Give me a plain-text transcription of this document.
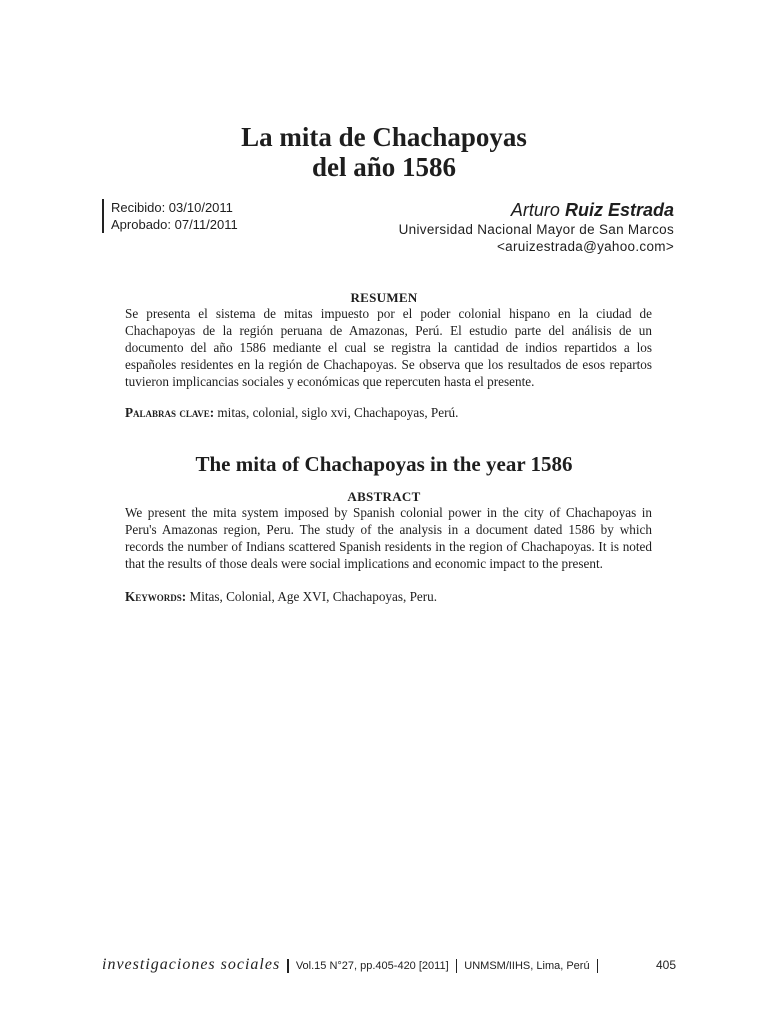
La mita de Chachapoyas
del año 1586
Recibido: 03/10/2011
Aprobado: 07/11/2011
Arturo Ruiz Estrada
Universidad Nacional Mayor de San Marcos
<aruizestrada@yahoo.com>
RESUMEN
Se presenta el sistema de mitas impuesto por el poder colonial hispano en la ciudad de Chachapoyas de la región peruana de Amazonas, Perú. El estudio parte del análisis de un documento del año 1586 mediante el cual se registra la cantidad de indios repartidos a los españoles residentes en la región de Chachapoyas. Se observa que los resultados de esos repartos tuvieron implicancias sociales y económicas que repercuten hasta el presente.
Palabras clave: mitas, colonial, siglo xvi, Chachapoyas, Perú.
The mita of Chachapoyas in the year 1586
ABSTRACT
We present the mita system imposed by Spanish colonial power in the city of Chachapoyas in Peru's Amazonas region, Peru. The study of the analysis in a document dated 1586 by which records the number of Indians scattered Spanish residents in the region of Chachapoyas. It is noted that the results of those deals were social implications and economic impact to the present.
Keywords: Mitas, Colonial, Age XVI, Chachapoyas, Peru.
investigaciones sociales Vol.15 N°27, pp.405-420 [2011] UNMSM/IIHS, Lima, Perú	405
